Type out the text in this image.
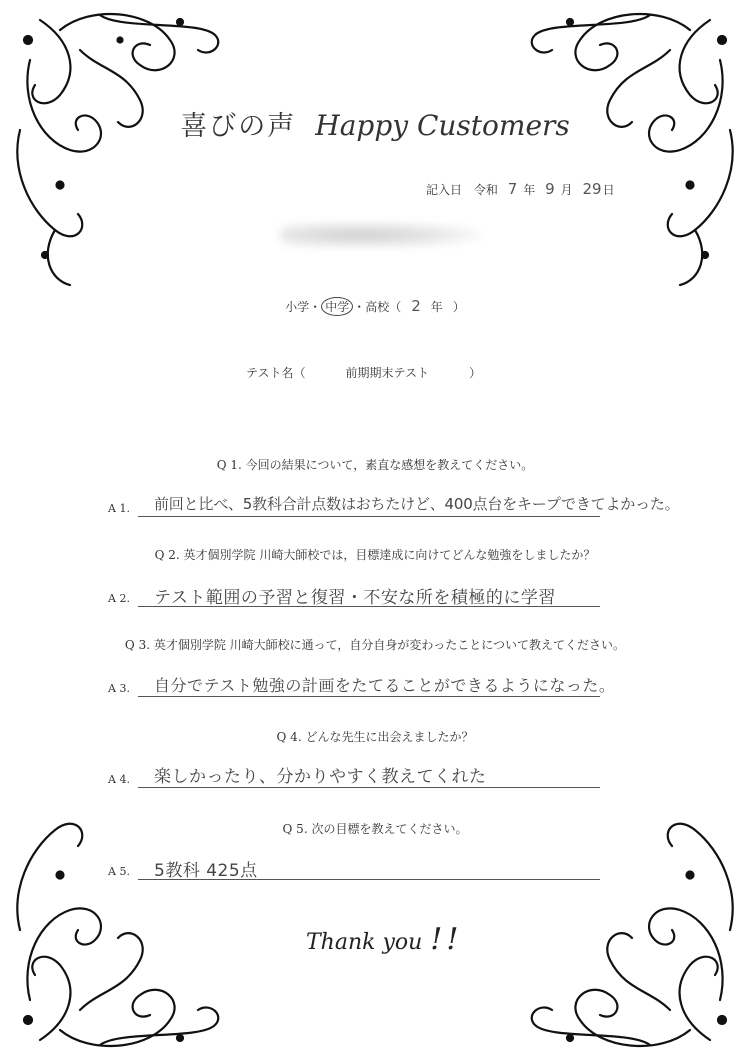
喜びの声 Happy Customers
記入日 令和 7 年 9 月 29日
小学・ 中学 ・高校（ 2 年 ）
テスト名（	前期期末テスト	）
Q 1. 今回の結果について，素直な感想を教えてください。
A 1. 前回と比べ、5教科合計点数はおちたけど、400点台をキープできてよかった。
Q 2. 英才個別学院 川崎大師校では，目標達成に向けてどんな勉強をしましたか？
A 2. テスト範囲の予習と復習・不安な所を積極的に学習
Q 3. 英才個別学院 川崎大師校に通って，自分自身が変わったことについて教えてください。
A 3. 自分でテスト勉強の計画をたてることができるようになった。
Q 4. どんな先生に出会えましたか？
A 4. 楽しかったり、分かりやすく教えてくれた
Q 5. 次の目標を教えてください。
A 5. 5教科 425点
Thank you !!
